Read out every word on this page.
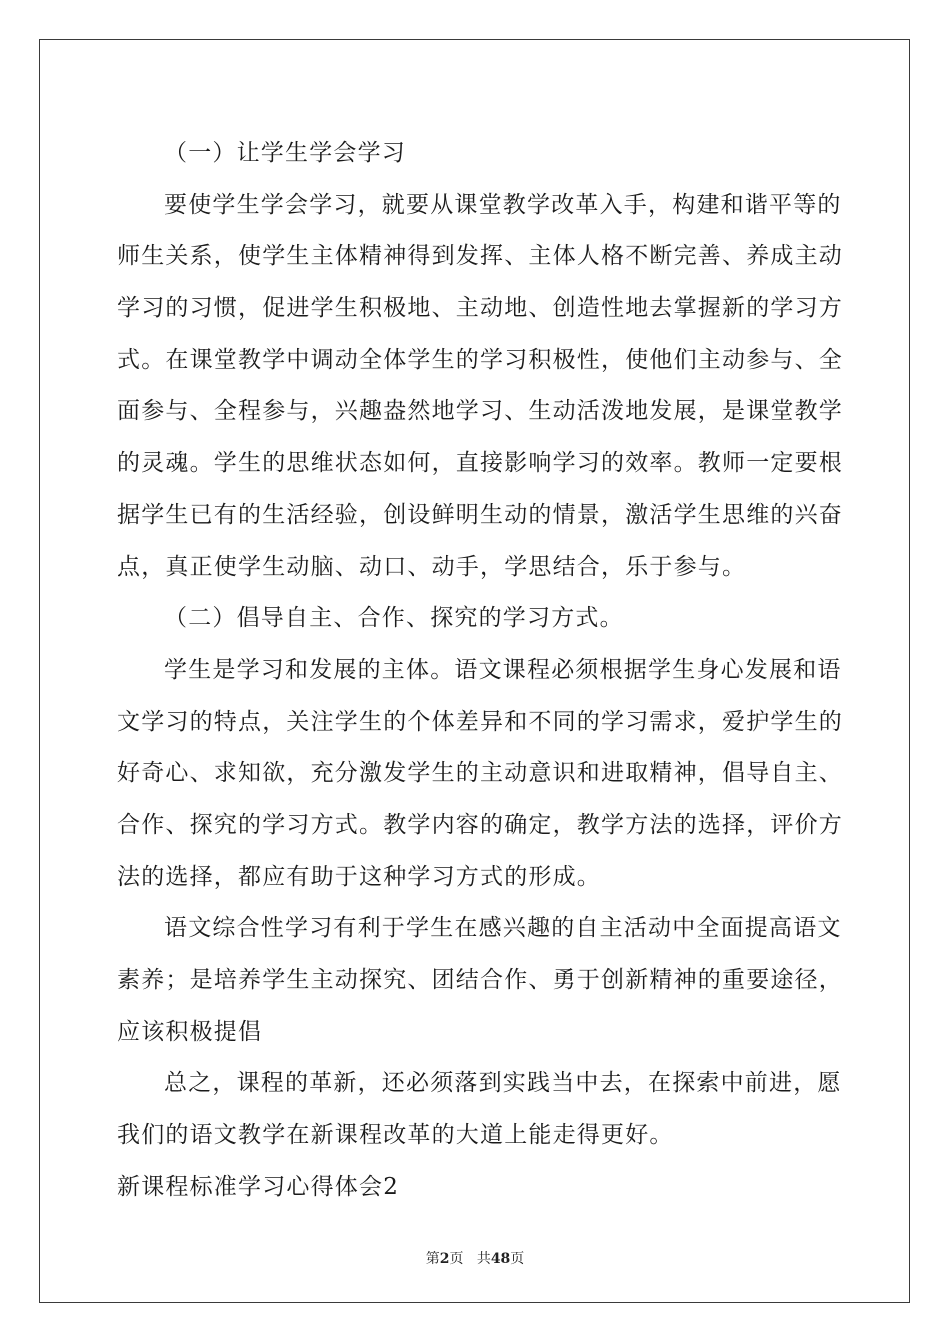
（一）让学生学会学习
要使学生学会学习，就要从课堂教学改革入手，构建和谐平等的
师生关系，使学生主体精神得到发挥、主体人格不断完善、养成主动
学习的习惯，促进学生积极地、主动地、创造性地去掌握新的学习方
式。在课堂教学中调动全体学生的学习积极性，使他们主动参与、全
面参与、全程参与，兴趣盎然地学习、生动活泼地发展，是课堂教学
的灵魂。学生的思维状态如何，直接影响学习的效率。教师一定要根
据学生已有的生活经验，创设鲜明生动的情景，激活学生思维的兴奋
点，真正使学生动脑、动口、动手，学思结合，乐于参与。
（二）倡导自主、合作、探究的学习方式。
学生是学习和发展的主体。语文课程必须根据学生身心发展和语
文学习的特点，关注学生的个体差异和不同的学习需求，爱护学生的
好奇心、求知欲，充分激发学生的主动意识和进取精神，倡导自主、
合作、探究的学习方式。教学内容的确定，教学方法的选择，评价方
法的选择，都应有助于这种学习方式的形成。
语文综合性学习有利于学生在感兴趣的自主活动中全面提高语文
素养；是培养学生主动探究、团结合作、勇于创新精神的重要途径，
应该积极提倡
总之，课程的革新，还必须落到实践当中去，在探索中前进，愿
我们的语文教学在新课程改革的大道上能走得更好。
新课程标准学习心得体会2
第2页 共48页
